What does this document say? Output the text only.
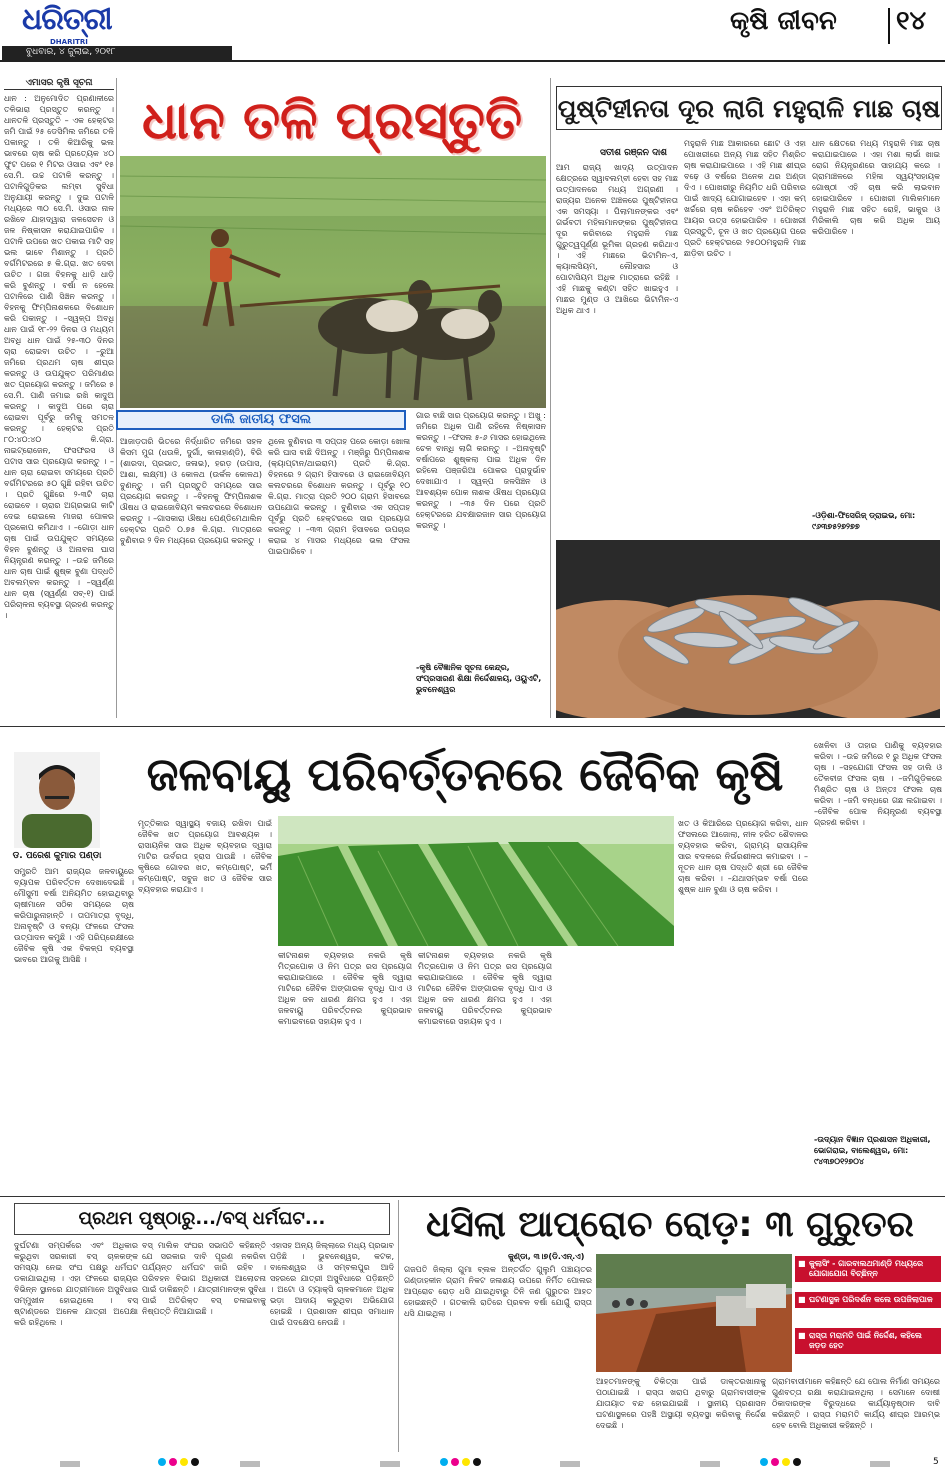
ଧରିତ୍ରୀ
DHARITRI
ବୁଧବାର, ୪ ଜୁଲାଇ, ୨୦୧୮
କୃଷି ଜୀବନ ୧୪
ଏମାସର କୃଷି ସୂଚନା

ଧାନ : ଅନୁମୋଦିତ ପ୍ରଣାଳୀରେ ତଳିଭାରା ପ୍ରସ୍ତୁତ କରନ୍ତୁ । ଧାନତଳି ପ୍ରସ୍ତୁତି – ଏକ ହେକ୍ଟର ଜମି ପାଇଁ ୨୫ ଡେସିମିଲ ଜମିରେ ତଳି ପକାନ୍ତୁ । ତଳି କିଆରିକୁ ଭଲ ଭାବରେ ଚାଷ କରି ପ୍ରତ୍ୟେକ ୪୦ ଫୁଟ ପରେ ୧ ମିଟର ଓସାର ଏବଂ ୧୫ ସେ.ମି. ଉଚ୍ଚ ପଟାଳି କରନ୍ତୁ । ପଟାଳିଗୁଡ଼ିକର ଲମ୍ବା ସୁବିଧା ଅନୁଯାୟୀ କରନ୍ତୁ । ଦୁଇ ପଟାଳି ମଧ୍ୟରେ ୩୦ ସେ.ମି. ଓସାର ନାଳ ରଖିବେ ଯାହାଦ୍ୱାରା ଜଳସେଚନ ଓ ଜଳ ନିଷ୍କାସନ କରାଯାଇପାରିବ । ପଟାଳି ଉପରେ ଖତ ପକାଇ ମାଟି ସହ ଭଲ ଭାବେ ମିଶାନ୍ତୁ । ପ୍ରତି ବର୍ଗମିଟରରେ ୫ କି.ଗ୍ରା. ଖତ ଦେବା ଉଚିତ । ଗଜା ବିହନକୁ ଧାଡ଼ି ଧାଡ଼ି କରି ବୁଣନ୍ତୁ । ବର୍ଷା ନ ହେଲେ ପଟାଳିରେ ପାଣି ସିଞ୍ଚନ କରନ୍ତୁ । ବିହନକୁ ଫିମ୍ପିନାଶକରେ ବିଶୋଧନ କରି ପକାନ୍ତୁ । –ସ୍ୱଳ୍ପ ଅବଧି ଧାନ ପାଇଁ ୧୮-୨୨ ଦିନର ଓ ମଧ୍ୟମ ଅବଧି ଧାନ ପାଇଁ ୨୫-୩୦ ଦିନର ଚାରା ରୋଇବା ଉଚିତ । –ରୁଆ ଜମିରେ ପ୍ରଥମ ଚାଷ ଶୀଘ୍ର କରନ୍ତୁ ଓ ଉପଯୁକ୍ତ ପରିମାଣର ଖତ ପ୍ରୟୋଗ କରନ୍ତୁ । ଜମିରେ ୫ ସେ.ମି. ପାଣି ଜମାଇ ରଖି କାଦୁଅ କରନ୍ତୁ । କାଦୁଅ ପରେ ଚାରା ରୋଇବା ପୂର୍ବରୁ ଜମିକୁ ସମତଳ କରନ୍ତୁ । ହେକ୍ଟର ପ୍ରତି ୮୦:୪୦:୪୦ କି.ଗ୍ରା. ନାଇଟ୍ରୋଜେନ, ଫସଫରସ ଓ ପଟାସ ସାର ପ୍ରୟୋଗ କରନ୍ତୁ । –ଧାନ ଚାରା ରୋଇବା ସମୟରେ ପ୍ରତି ବର୍ଗମିଟରରେ ୫୦ ଗୁଛି ରହିବା ଉଚିତ । ପ୍ରତି ଗୁଛିରେ ୨-୩ଟି ଚାରା ରୋଇବେ । ଚାରାର ଅଗ୍ରଭାଗ କାଟି ଦେଇ ରୋଇଲେ ମାଜରା ପୋକର ପ୍ରକୋପ କମିଥାଏ । –ଗୋଡ଼ା ଧାନ ଚାଷ ପାଇଁ ଉପଯୁକ୍ତ ସମୟରେ ବିହନ ବୁଣନ୍ତୁ ଓ ଅନାବନା ଘାସ ନିୟନ୍ତ୍ରଣ କରନ୍ତୁ । –ଉଚ୍ଚ ଜମିରେ ଧାନ ଚାଷ ପାଇଁ ଶୁଷ୍କ ବୁଣା ପଦ୍ଧତି ଅବଲମ୍ବନ କରନ୍ତୁ । –ସ୍ୱର୍ଣ୍ଣ ଧାନ ଚାଷ (ସ୍ୱର୍ଣ୍ଣ ସବ୍-୧) ପାଇଁ ପରିଚାଳନା ବ୍ୟବସ୍ଥା ଗ୍ରହଣ କରନ୍ତୁ ।

ଧାନ ତଳି ପ୍ରସ୍ତୁତି
ଡାଲି ଜାତୀୟ ଫସଲ

ଆଜାଡ଼ତାରି ଭିତରେ ନିର୍ଦ୍ଧାରିତ ଜମିରେ ସହଳ କିସମ ମୁଗ (ଧଉଳି, ଦୁର୍ଗା, କାଳାହାଣ୍ଡି), ବିରି (ଶାରଦା, ପ୍ରଭାତ, ଜଳାଭ), ହରଡ଼ (ଉପାସ, ଆଶା, ଲକ୍ଷ୍ମୀ) ଓ କୋଳଥ (ଉର୍କଳ କୋଳଥ) ବୁଣନ୍ତୁ । ଜମି ପ୍ରସ୍ତୁତି ସମୟରେ ସାର ପ୍ରୟୋଗ କରନ୍ତୁ । –ବିହନକୁ ଫିମ୍ପିନାଶକ ଔଷଧ ଓ ରାଇଜୋବିୟମ କଲଚରରେ ବିଶୋଧନ କରନ୍ତୁ । –ଗାସକାରା ଔଷଧ ପେଣ୍ଡିମେଥାଲିନ ହେକ୍ଟର ପ୍ରତି ୦.୭୫ କି.ଗ୍ରା. ମାତ୍ରାରେ ବୁଣିବାର ୨ ଦିନ ମଧ୍ୟରେ ପ୍ରୟୋଗ କରନ୍ତୁ ।

ଥିଲେ ବୁଣିବାର ୩ ସପ୍ତାହ ପରେ କୋଡ଼ା ଖୋଳା କରି ଘାସ ବାଛି ଦିଅନ୍ତୁ । ମଞ୍ଜିରୁ ପିମ୍ପିନାଶକ (କ୍ୟାପ୍ଟାନ/ଥାଇରାମ) ପ୍ରତି କି.ଗ୍ରା. ବିହନରେ ୨ ଗ୍ରାମ ହିସାବରେ ଓ ରାଇଜୋବିୟମ କଲଚରରେ ବିଶୋଧନ କରନ୍ତୁ । ପୂର୍ବରୁ ୧୦ କି.ଗ୍ରା. ମାତ୍ରା ପ୍ରତି ୨୦୦ ଗ୍ରାମ ହିସାବରେ ଉପଯୋଗ କରନ୍ତୁ । ବୁଣିବାର ଏକ ସପ୍ତାହ ପୂର୍ବରୁ ପ୍ରତି ହେକ୍ଟରରେ ସାର ପ୍ରୟୋଗ କରନ୍ତୁ । –୩୩ ଗ୍ରାମ ହିସାବରେ ଉପଚାର କରାଇ ୪ ମାସର ମଧ୍ୟରେ ଭଲ ଫସଲ ପାଇପାରିବେ ।

ଗାର ବାଛି ସାର ପ୍ରୟୋଗ କରନ୍ତୁ । ଅଖୁ : ଜମିରେ ଅଧିକ ପାଣି ରହିଲେ ନିଷ୍କାସନ କରନ୍ତୁ । –ଫସଲ ୫-୬ ମାସର ହୋଇଥିଲେ ଚେଳ ବାନ୍ଧି ଲାଗି କରନ୍ତୁ । –ଅନାବୃଷ୍ଟି ବର୍ଷାପରେ ଶୁଷ୍କଲା ପାଇ ଅଧିକ ଦିନ ରହିଲେ ପଞ୍ଜରିଆ ପୋକର ପ୍ରାଦୁର୍ଭାବ ଦେଖାଯାଏ । ସ୍ୱଳ୍ପ ଜଳସିଞ୍ଚନ ଓ ଆବଶ୍ୟକ ପୋକ ନାଶକ ଔଷଧ ପ୍ରୟୋଗ କରନ୍ତୁ । –୩୫ ଦିନ ପରେ ପ୍ରତି ହେକ୍ଟରରେ ଯବକ୍ଷାରଜାନ ସାର ପ୍ରୟୋଗ କରନ୍ତୁ ।

-କୃଷି ବୈଜ୍ଞାନିକ ସୂଚନା କେନ୍ଦ୍ର, ସଂପ୍ରସାରଣ ଶିକ୍ଷା ନିର୍ଦ୍ଦେଶାଳୟ, ଓୟୁଏଟି, ଭୁବନେଶ୍ୱର
ପୁଷ୍ଟିହୀନତା ଦୂର ଲାଗି ମହୁରାଳି ମାଛ ଚାଷ
ସତୀଶ ରଞ୍ଜନ ଦାଶ

ଆମ ରାଜ୍ୟ ଖାଦ୍ୟ ଉତ୍ପାଦନ କ୍ଷେତ୍ରରେ ସ୍ୱାବଲମ୍ବୀ ହେବା ସହ ମାଛ ଉତ୍ପାଦନରେ ମଧ୍ୟ ଅଗ୍ରଣୀ । ରାଜ୍ୟର ଅନେକ ଅଞ୍ଚଳରେ ପୁଷ୍ଟିହୀନତା ଏକ ସମସ୍ୟା । ପିଲାମାନଙ୍କର ଏବଂ ଗର୍ଭବତୀ ମହିଳାମାନଙ୍କର ପୁଷ୍ଟିହୀନତା ଦୂର କରିବାରେ ମହୁରାଳି ମାଛ ଗୁରୁତ୍ୱପୂର୍ଣ୍ଣ ଭୂମିକା ଗ୍ରହଣ କରିଥାଏ । ଏହି ମାଛରେ ଭିଟାମିନ-ଏ, କ୍ୟାଲସିୟମ, ଲୌହସାର ଓ ପୋଟାସିୟମ ଅଧିକ ମାତ୍ରାରେ ରହିଛି । ଏହି ମାଛକୁ କଣ୍ଟା ସହିତ ଖାଇହୁଏ । ମାଛର ମୁଣ୍ଡ ଓ ଆଖିରେ ଭିଟାମିନ-ଏ ଅଧିକ ଥାଏ ।

ମହୁରାଳି ମାଛ ଆକାରରେ ଛୋଟ ଓ ଏହା ପୋଖରୀରେ ଅନ୍ୟ ମାଛ ସହିତ ମିଶ୍ରିତ ଚାଷ କରାଯାଇପାରେ । ଏହି ମାଛ ଶୀଘ୍ର ବଢ଼େ ଓ ବର୍ଷରେ ଅନେକ ଥର ଅଣ୍ଡା ଦିଏ । ପୋଖରୀରୁ ନିୟମିତ ଧରି ପରିବାର ପାଇଁ ଖାଦ୍ୟ ଯୋଗାଇହେବ । ଏହା କମ୍ ଖର୍ଚ୍ଚରେ ଚାଷ କରିହେବ ଏବଂ ଅତିରିକ୍ତ ଆୟର ଉତ୍ସ ହୋଇପାରିବ । ପୋଖରୀ ପ୍ରସ୍ତୁତି, ଚୂନ ଓ ଖତ ପ୍ରୟୋଗ ପରେ ପ୍ରତି ହେକ୍ଟରରେ ୨୫୦୦ମହୁରାଳି ମାଛ ଛାଡ଼ିବା ଉଚିତ ।

ଧାନ କ୍ଷେତରେ ମଧ୍ୟ ମହୁରାଳି ମାଛ ଚାଷ କରାଯାଇପାରେ । ଏହା ମଶା ଲାର୍ଭା ଖାଇ ରୋଗ ନିୟନ୍ତ୍ରଣରେ ସାହାଯ୍ୟ କରେ । ଗ୍ରାମାଞ୍ଚଳରେ ମହିଳା ସ୍ୱୟଂସହାୟକ ଗୋଷ୍ଠୀ ଏହି ଚାଷ କରି ଲାଭବାନ ହୋଇପାରିବେ । ପୋଖରୀ ମାଲିକମାନେ ମହୁରାଳି ମାଛ ସହିତ ରୋହି, ଭାକୁର ଓ ମିରିକାଲି ଚାଷ କରି ଅଧିକ ଆୟ କରିପାରିବେ ।

-ଓଡ଼ିଶା-ଫିସେରିଜ୍ ଡ୍ରାଇଭ, ମୋ: ୯୬୩୭୫୨୭୨୭୭
ଡ. ପରେଶ କୁମାର ପଣ୍ଡା
ଜଳବାୟୁ ପରିବର୍ତ୍ତନରେ ଜୈବିକ କୃଷି

ସମ୍ପ୍ରତି ଆମ ରାଜ୍ୟର ଜଳବାୟୁରେ ବ୍ୟାପକ ପରିବର୍ତ୍ତନ ଦେଖାଦେଇଛି । ମୌସୁମୀ ବର୍ଷା ଅନିୟମିତ ହୋଇଥିବାରୁ ଚାଷୀମାନେ ସଠିକ ସମୟରେ ଚାଷ କରିପାରୁନାହାନ୍ତି । ତାପମାତ୍ରା ବୃଦ୍ଧି, ଅନାବୃଷ୍ଟି ଓ ବନ୍ୟା ଫଳରେ ଫସଲ ଉତ୍ପାଦନ କମୁଛି । ଏହି ପରିପ୍ରେକ୍ଷୀରେ ଜୈବିକ କୃଷି ଏକ ବିକଳ୍ପ ବ୍ୟବସ୍ଥା ଭାବରେ ଆଗକୁ ଆସିଛି ।

ମୃତ୍ତିକାର ସ୍ୱାସ୍ଥ୍ୟ ବଜାୟ ରଖିବା ପାଇଁ ଜୈବିକ ଖତ ପ୍ରୟୋଗ ଆବଶ୍ୟକ । ରାସାୟନିକ ସାର ଅଧିକ ବ୍ୟବହାର ଦ୍ୱାରା ମାଟିର ଉର୍ବରତା ହ୍ରାସ ପାଉଛି । ଜୈବିକ କୃଷିରେ ଗୋବର ଖତ, କମ୍ପୋଷ୍ଟ, ଭର୍ମି କମ୍ପୋଷ୍ଟ, ସବୁଜ ଖତ ଓ ଜୈବିକ ସାର ବ୍ୟବହାର କରାଯାଏ ।

କୀଟନାଶକ ବ୍ୟବହାର ନକରି କୃଷି ମିତ୍ରପୋକ ଓ ନିମ ପତ୍ର ରସ ପ୍ରୟୋଗ କରାଯାଇପାରେ । ଜୈବିକ କୃଷି ଦ୍ୱାରା ମାଟିରେ ଜୈବିକ ଅଙ୍ଗାରକ ବୃଦ୍ଧି ପାଏ ଓ ଅଧିକ ଜଳ ଧାରଣ କ୍ଷମତା ହୁଏ । ଏହା ଜଳବାୟୁ ପରିବର୍ତ୍ତନର କୁପ୍ରଭାବ କମାଇବାରେ ସହାୟକ ହୁଏ ।

କୀଟନାଶକ ବ୍ୟବହାର ନକରି କୃଷି ମିତ୍ରପୋକ ଓ ନିମ ପତ୍ର ରସ ପ୍ରୟୋଗ କରାଯାଇପାରେ । ଜୈବିକ କୃଷି ଦ୍ୱାରା ମାଟିରେ ଜୈବିକ ଅଙ୍ଗାରକ ବୃଦ୍ଧି ପାଏ ଓ ଅଧିକ ଜଳ ଧାରଣ କ୍ଷମତା ହୁଏ । ଏହା ଜଳବାୟୁ ପରିବର୍ତ୍ତନର କୁପ୍ରଭାବ କମାଇବାରେ ସହାୟକ ହୁଏ ।

ଖତ ଓ କିଆରିରେ ପ୍ରୟୋଗ କରିବା, ଧାନ ଫସଲରେ ଆଜୋଲା, ନୀଳ ହରିତ ଶୈବାଳର ବ୍ୟବହାର କରିବା, ଗ୍ରାମ୍ୟ ରାସାୟନିକ ସାର ବଦଳରେ ନିର୍ଭରଶୀଳତା କମାଇବା । –ନୂତନ ଧାନ ଚାଷ ପଦ୍ଧତି ଶ୍ରୀ ରେ ଜୈବିକ ଚାଷ କରିବା । –ଯଥାସମ୍ଭବ ବର୍ଷା ପରେ ଶୁଷ୍କ ଧାନ ବୁଣା ଓ ଚାଷ କରିବା ।

ଖେଳିବା ଓ ତାହାର ପାଣିକୁ ବ୍ୟବହାର କରିବା । –ଉଚ୍ଚ ଜମିରେ ୧ ରୁ ଅଧିକ ଫସଲ ଚାଷ । –ସହଯୋଗୀ ଫସଲ ସହ ଡାଲି ଓ ତୈଳବୀଜ ଫସଲ ଚାଷ । –ଜମିଗୁଡ଼ିକରେ ମିଶ୍ରିତ ଚାଷ ଓ ଅନ୍ତଃ ଫସଲ ଚାଷ କରିବା । –ଜମି ବନ୍ଧରେ ଗଛ ଲଗାଇବା । –ଜୈବିକ ପୋକ ନିୟନ୍ତ୍ରଣ ବ୍ୟବସ୍ଥା ଗ୍ରହଣ କରିବା ।

-ଉଦ୍ୟାନ ବିଜ୍ଞାନ ପ୍ରଶାସନ ଅଧିକାରୀ, ଭୋଗରାଇ, ବାଲେଶ୍ୱର, ମୋ: ୯୪୩୭୦୧୨୭୦୪
ପ୍ରଥମ ପୃଷ୍ଠାରୁ.../ବସ୍ ଧର୍ମଘଟ...

ଦୁର୍ଘଟଣା ସମ୍ପର୍କରେ ଏବଂ ଅଧିକାର କରୁଥିବା ସରକାରୀ ବସ୍ ଚାଳକଙ୍କ ସମସ୍ୟା ନେଇ ସଂଘ ପକ୍ଷରୁ ଧର୍ମଘଟ ଡକାଯାଇଥିଲା । ଏହା ଫଳରେ ରାଜ୍ୟର ବିଭିନ୍ନ ସ୍ଥାନରେ ଯାତ୍ରୀମାନେ ଅସୁବିଧାର ସମ୍ମୁଖୀନ ହୋଇଥିଲେ । ବସ୍ ଷ୍ଟାଣ୍ଡରେ ଅନେକ ଯାତ୍ରୀ ଅପେକ୍ଷା କରି ରହିଥିଲେ ।

ବସ୍ ମାଲିକ ସଂଘର ସଭାପତି କହିଛନ୍ତି ଯେ ସରକାର ଦାବି ପୂରଣ ନକରିବା ପର୍ଯ୍ୟନ୍ତ ଧର୍ମଘଟ ଜାରି ରହିବ । ପରିବହନ ବିଭାଗ ଅଧିକାରୀ ଆଲୋଚନା ପାଇଁ ଡାକିଛନ୍ତି । ଯାତ୍ରୀମାନଙ୍କ ସୁବିଧା ପାଇଁ ଅତିରିକ୍ତ ବସ୍ ଚଳାଇବାକୁ ନିଷ୍ପତ୍ତି ନିଆଯାଇଛି ।

ଏହାସହ ଅନ୍ୟ ଜିଲ୍ଲାରେ ମଧ୍ୟ ପ୍ରଭାବ ପଡ଼ିଛି । ଭୁବନେଶ୍ୱର, କଟକ, ବାଲେଶ୍ୱର ଓ ସମ୍ବଲପୁର ଆଦି ସହରରେ ଯାତ୍ରୀ ଅସୁବିଧାରେ ପଡ଼ିଛନ୍ତି । ଅଟୋ ଓ ଟ୍ୟାକ୍ସି ଚାଳକମାନେ ଅଧିକ ଭଡ଼ା ଆଦାୟ କରୁଥିବା ଅଭିଯୋଗ ହୋଇଛି । ପ୍ରଶାସନ ଶୀଘ୍ର ସମାଧାନ ପାଇଁ ପଦକ୍ଷେପ ନେଉଛି ।

ଧସିଲା ଆପ୍ରୋଚ ରୋଡ଼: ୩ ଗୁରୁତର
କୁଣ୍ଡା, ୩।୭(ଡି.ଏନ୍.ଏ)

ଗଜପତି ଜିଲ୍ଲା ଗୁମା ବ୍ଲକ ଅନ୍ତର୍ଗତ ଗୁଲୁମି ପଞ୍ଚାୟତର ଗଣ୍ଡାହଳୀନ ଗ୍ରାମ ନିକଟ ଜଳାଶୟ ଉପରେ ନିର୍ମିତ ପୋଲର ଆପ୍ରୋଚ ରୋଡ଼ ଧସି ଯାଇଥିବାରୁ ତିନି ଜଣ ଗୁରୁତର ଆହତ ହୋଇଛନ୍ତି । ଗତକାଲି ରାତିରେ ପ୍ରବଳ ବର୍ଷା ଯୋଗୁଁ ରାସ୍ତା ଧସି ଯାଇଥିଲା ।

■ କୁଲାସିଂ - ଗାରବାଲଥମାଣ୍ଡି ମଧ୍ୟରେ ଯୋଗାଯୋଗ ବିଚ୍ଛିନ୍ନ
■ ଘଟଣାସ୍ଥଳ ପରିଦର୍ଶନ କଲେ ଉପଜିଲାପାଳ
■ ରାସ୍ତା ମରାମତି ପାଇଁ ନିର୍ଦ୍ଦେଶ, କହିଲେ ଜଡ଼ଡ ହେତ

ଆହତମାନଙ୍କୁ ଚିକିତ୍ସା ପାଇଁ ଡାକ୍ତରଖାନାକୁ ପଠାଯାଇଛି । ରାସ୍ତା ଖରାପ ଥିବାରୁ ଗ୍ରାମବାସୀଙ୍କ ଯାତାୟାତ ବନ୍ଦ ହୋଇଯାଇଛି । ସ୍ଥାନୀୟ ପ୍ରଶାସନ ଘଟଣାସ୍ଥଳରେ ପହଞ୍ଚି ଅସ୍ଥାୟୀ ବ୍ୟବସ୍ଥା କରିବାକୁ ନିର୍ଦ୍ଦେଶ ଦେଇଛି ।

ଗ୍ରାମବାସୀମାନେ କହିଛନ୍ତି ଯେ ପୋଲ ନିର୍ମାଣ ସମୟରେ ଗୁଣବତ୍ତା ରକ୍ଷା କରାଯାଇନଥିଲା । ସେମାନେ ଦୋଷୀ ଠିକାଦାରଙ୍କ ବିରୁଦ୍ଧରେ କାର୍ଯ୍ୟାନୁଷ୍ଠାନ ଦାବି କରିଛନ୍ତି । ରାସ୍ତା ମରାମତି କାର୍ଯ୍ୟ ଶୀଘ୍ର ଆରମ୍ଭ ହେବ ବୋଲି ଅଧିକାରୀ କହିଛନ୍ତି ।

5
